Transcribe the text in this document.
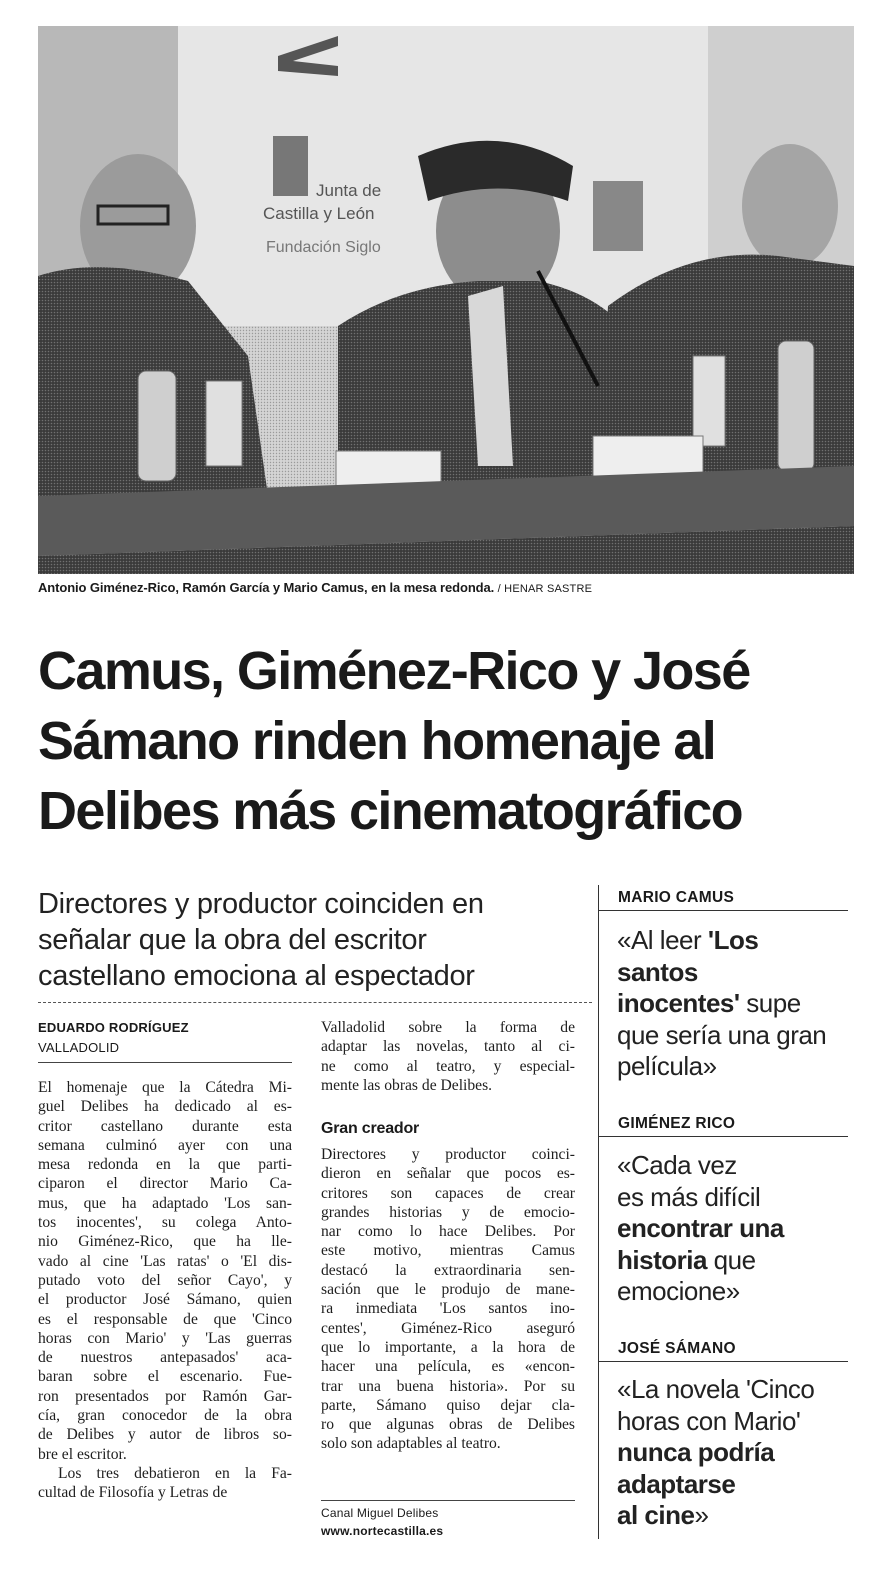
Junta de
Castilla y León
Fundación Siglo
Antonio Giménez-Rico, Ramón García y Mario Camus, en la mesa redonda. / HENAR SASTRE
Camus, Giménez-Rico y José
Sámano rinden homenaje al
Delibes más cinematográfico
Directores y productor coinciden en
señalar que la obra del escritor
castellano emociona al espectador
EDUARDO RODRÍGUEZ
VALLADOLID
El homenaje que la Cátedra Mi-
guel Delibes ha dedicado al es-
critor castellano durante esta
semana culminó ayer con una
mesa redonda en la que parti-
ciparon el director Mario Ca-
mus, que ha adaptado 'Los san-
tos inocentes', su colega Anto-
nio Giménez-Rico, que ha lle-
vado al cine 'Las ratas' o 'El dis-
putado voto del señor Cayo', y
el productor José Sámano, quien
es el responsable de que 'Cinco
horas con Mario' y 'Las guerras
de nuestros antepasados' aca-
baran sobre el escenario. Fue-
ron presentados por Ramón Gar-
cía, gran conocedor de la obra
de Delibes y autor de libros so-
bre el escritor.
Los tres debatieron en la Fa-
cultad de Filosofía y Letras de
Valladolid sobre la forma de
adaptar las novelas, tanto al ci-
ne como al teatro, y especial-
mente las obras de Delibes.
Gran creador
Directores y productor coinci-
dieron en señalar que pocos es-
critores son capaces de crear
grandes historias y de emocio-
nar como lo hace Delibes. Por
este motivo, mientras Camus
destacó la extraordinaria sen-
sación que le produjo de mane-
ra inmediata 'Los santos ino-
centes', Giménez-Rico aseguró
que lo importante, a la hora de
hacer una película, es «encon-
trar una buena historia». Por su
parte, Sámano quiso dejar cla-
ro que algunas obras de Delibes
solo son adaptables al teatro.
Canal Miguel Delibes
www.nortecastilla.es
MARIO CAMUS
«Al leer 'Los
santos
inocentes' supe
que sería una gran
película»
GIMÉNEZ RICO
«Cada vez
es más difícil
encontrar una
historia que
emocione»
JOSÉ SÁMANO
«La novela 'Cinco
horas con Mario'
nunca podría
adaptarse
al cine»
